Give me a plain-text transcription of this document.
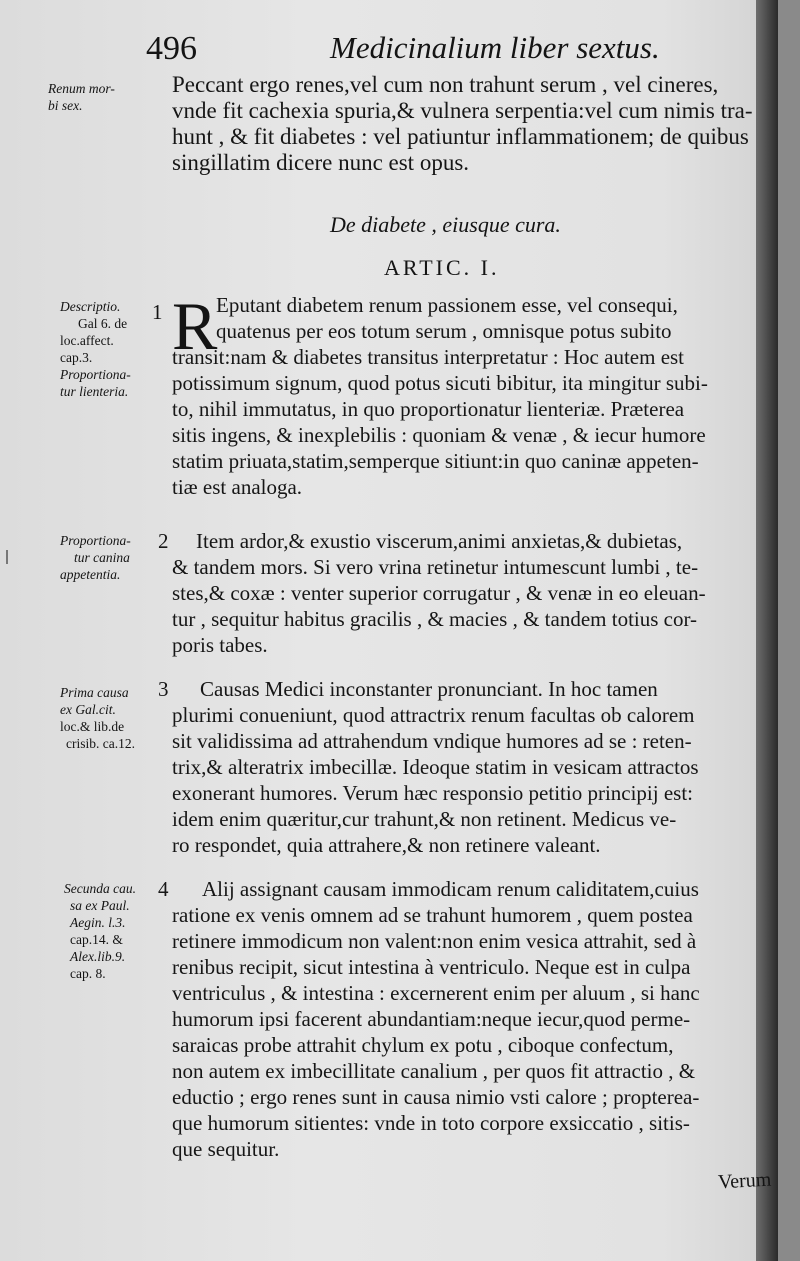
496	Medicinalium liber sextus.
Renum mor-
bi sex.
Peccant ergo renes,vel cum non trahunt serum , vel cineres,
vnde fit cachexia spuria,& vulnera serpentia:vel cum nimis tra-
hunt , & fit diabetes : vel patiuntur inflammationem; de quibus
singillatim dicere nunc est opus.
De diabete , eiusque cura.
ARTIC. I.
Descriptio.
Gal 6. de
loc.affect.
cap.3.
Proportiona-
tur lienteria.
1 R
Eputant diabetem renum passionem esse, vel consequi,
quatenus per eos totum serum , omnisque potus subito
transit:nam & diabetes transitus interpretatur : Hoc autem est
potissimum signum, quod potus sicuti bibitur, ita mingitur subi-
to, nihil immutatus, in quo proportionatur lienteriæ. Præterea
sitis ingens, & inexplebilis : quoniam & venæ , & iecur humore
statim priuata,statim,semperque sitiunt:in quo caninæ appeten-
tiæ est analoga.
Proportiona-
tur canina
appetentia.
2 Item ardor,& exustio viscerum,animi anxietas,& dubietas,
& tandem mors. Si vero vrina retinetur intumescunt lumbi , te-
stes,& coxæ : venter superior corrugatur , & venæ in eo eleuan-
tur , sequitur habitus gracilis , & macies , & tandem totius cor-
poris tabes.
Prima causa
ex Gal.cit.
loc.& lib.de
crisib. ca.12.
3 Causas Medici inconstanter pronunciant. In hoc tamen
plurimi conueniunt, quod attractrix renum facultas ob calorem
sit validissima ad attrahendum vndique humores ad se : reten-
trix,& alteratrix imbecillæ. Ideoque statim in vesicam attractos
exonerant humores. Verum hæc responsio petitio principij est:
idem enim quæritur,cur trahunt,& non retinent. Medicus ve-
ro respondet, quia attrahere,& non retinere valeant.
Secunda cau.
sa ex Paul.
Aegin. l.3.
cap.14. &
Alex.lib.9.
cap. 8.
4 Alij assignant causam immodicam renum caliditatem,cuius
ratione ex venis omnem ad se trahunt humorem , quem postea
retinere immodicum non valent:non enim vesica attrahit, sed à
renibus recipit, sicut intestina à ventriculo. Neque est in culpa
ventriculus , & intestina : excernerent enim per aluum , si hanc
humorum ipsi facerent abundantiam:neque iecur,quod perme-
saraicas probe attrahit chylum ex potu , ciboque confectum,
non autem ex imbecillitate canalium , per quos fit attractio , &
eductio ; ergo renes sunt in causa nimio vsti calore ; propterea-
que humorum sitientes: vnde in toto corpore exsiccatio , sitis-
que sequitur.
Verum
